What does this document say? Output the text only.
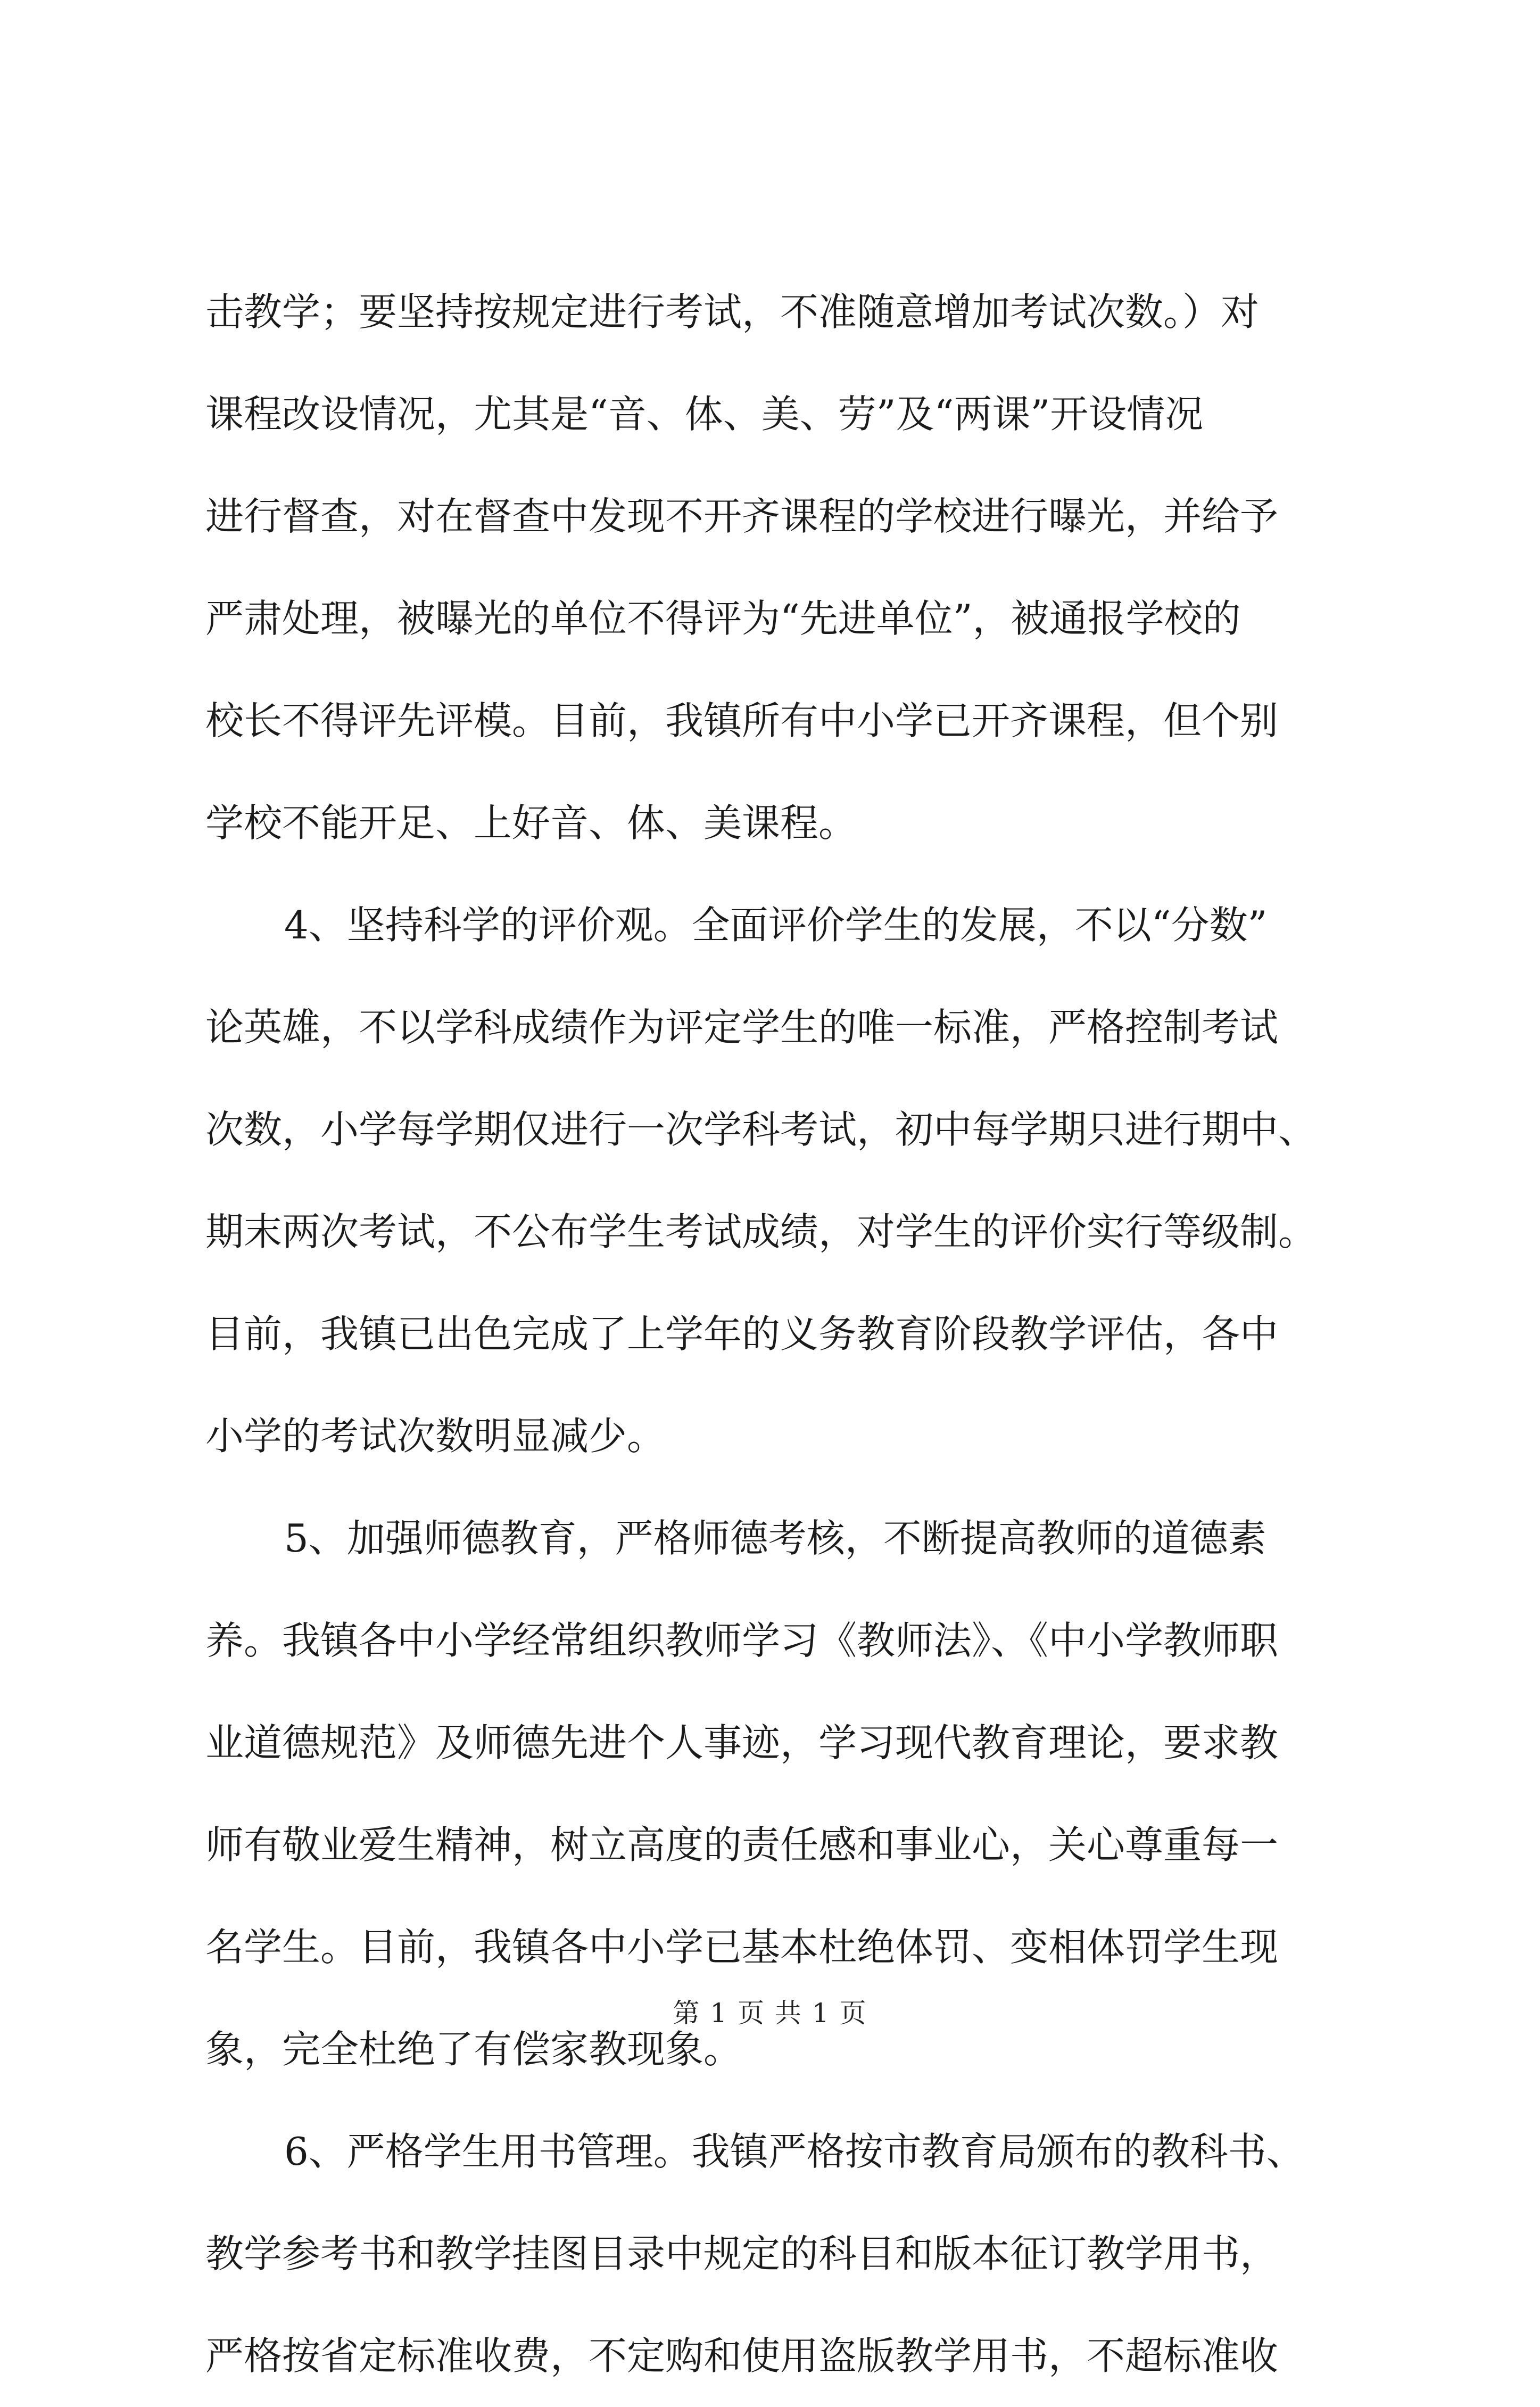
击教学；要坚持按规定进行考试，不准随意增加考试次数。）对
课程改设情况，尤其是“音、体、美、劳”及“两课”开设情况
进行督查，对在督查中发现不开齐课程的学校进行曝光，并给予
严肃处理，被曝光的单位不得评为“先进单位”，被通报学校的
校长不得评先评模。目前，我镇所有中小学已开齐课程，但个别
学校不能开足、上好音、体、美课程。

4、坚持科学的评价观。全面评价学生的发展，不以“分数”
论英雄，不以学科成绩作为评定学生的唯一标准，严格控制考试
次数，小学每学期仅进行一次学科考试，初中每学期只进行期中、
期末两次考试，不公布学生考试成绩，对学生的评价实行等级制。
目前，我镇已出色完成了上学年的义务教育阶段教学评估，各中
小学的考试次数明显减少。

5、加强师德教育，严格师德考核，不断提高教师的道德素
养。我镇各中小学经常组织教师学习《教师法》、《中小学教师职
业道德规范》及师德先进个人事迹，学习现代教育理论，要求教
师有敬业爱生精神，树立高度的责任感和事业心，关心尊重每一
名学生。目前，我镇各中小学已基本杜绝体罚、变相体罚学生现
象，完全杜绝了有偿家教现象。

6、严格学生用书管理。我镇严格按市教育局颁布的教科书、
教学参考书和教学挂图目录中规定的科目和版本征订教学用书，
严格按省定标准收费，不定购和使用盗版教学用书，不超标准收

第 1 页 共 1 页
